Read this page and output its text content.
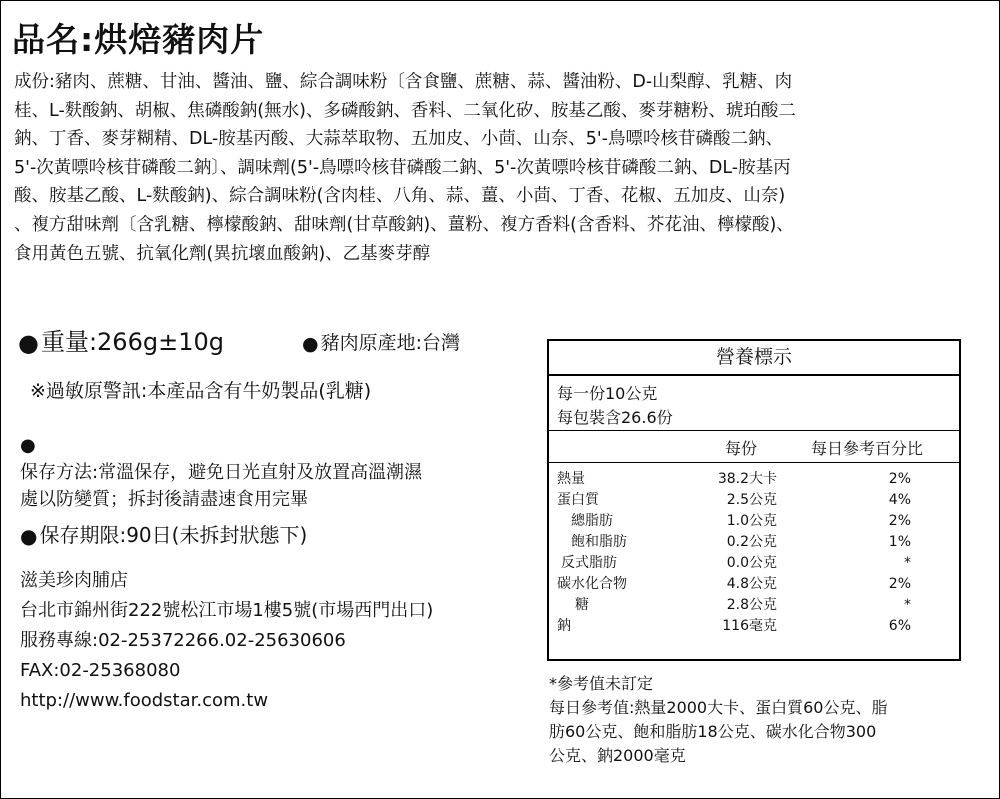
品名:烘焙豬肉片
成份:豬肉、蔗糖、甘油、醬油、鹽、綜合調味粉〔含食鹽、蔗糖、蒜、醬油粉、D-山梨醇、乳糖、肉
桂、L-麩酸鈉、胡椒、焦磷酸鈉(無水)、多磷酸鈉、香料、二氧化矽、胺基乙酸、麥芽糖粉、琥珀酸二
鈉、丁香、麥芽糊精、DL-胺基丙酸、大蒜萃取物、五加皮、小茴、山奈、5'-鳥嘌呤核苷磷酸二鈉、
5'-次黃嘌呤核苷磷酸二鈉〕、調味劑(5'-鳥嘌呤核苷磷酸二鈉、5'-次黃嘌呤核苷磷酸二鈉、DL-胺基丙
酸、胺基乙酸、L-麩酸鈉)、綜合調味粉(含肉桂、八角、蒜、薑、小茴、丁香、花椒、五加皮、山奈)
、複方甜味劑〔含乳糖、檸檬酸鈉、甜味劑(甘草酸鈉)、薑粉、複方香料(含香料、芥花油、檸檬酸)、
食用黃色五號、抗氧化劑(異抗壞血酸鈉)、乙基麥芽醇
●重量:266g±10g	● 豬肉原產地:台灣
※過敏原警訊:本產品含有牛奶製品(乳糖)
●
保存方法:常溫保存，避免日光直射及放置高溫潮濕
處以防變質；拆封後請盡速食用完畢
● 保存期限:90日(未拆封狀態下)
滋美珍肉脯店
台北市錦州街222號松江市場1樓5號(市場西門出口)
服務專線:02-25372266.02-25630606
FAX:02-25368080
http://www.foodstar.com.tw
營養標示
每一份10公克
每包裝含26.6份
每份	每日參考百分比
熱量	38.2大卡	2%
蛋白質	2.5公克	4%
總脂肪	1.0公克	2%
飽和脂肪	0.2公克	1%
反式脂肪	0.0公克	*
碳水化合物	4.8公克	2%
糖	2.8公克	*
鈉	116毫克	6%
*參考值未訂定
每日參考值:熱量2000大卡、蛋白質60公克、脂
肪60公克、飽和脂肪18公克、碳水化合物300
公克、鈉2000毫克
